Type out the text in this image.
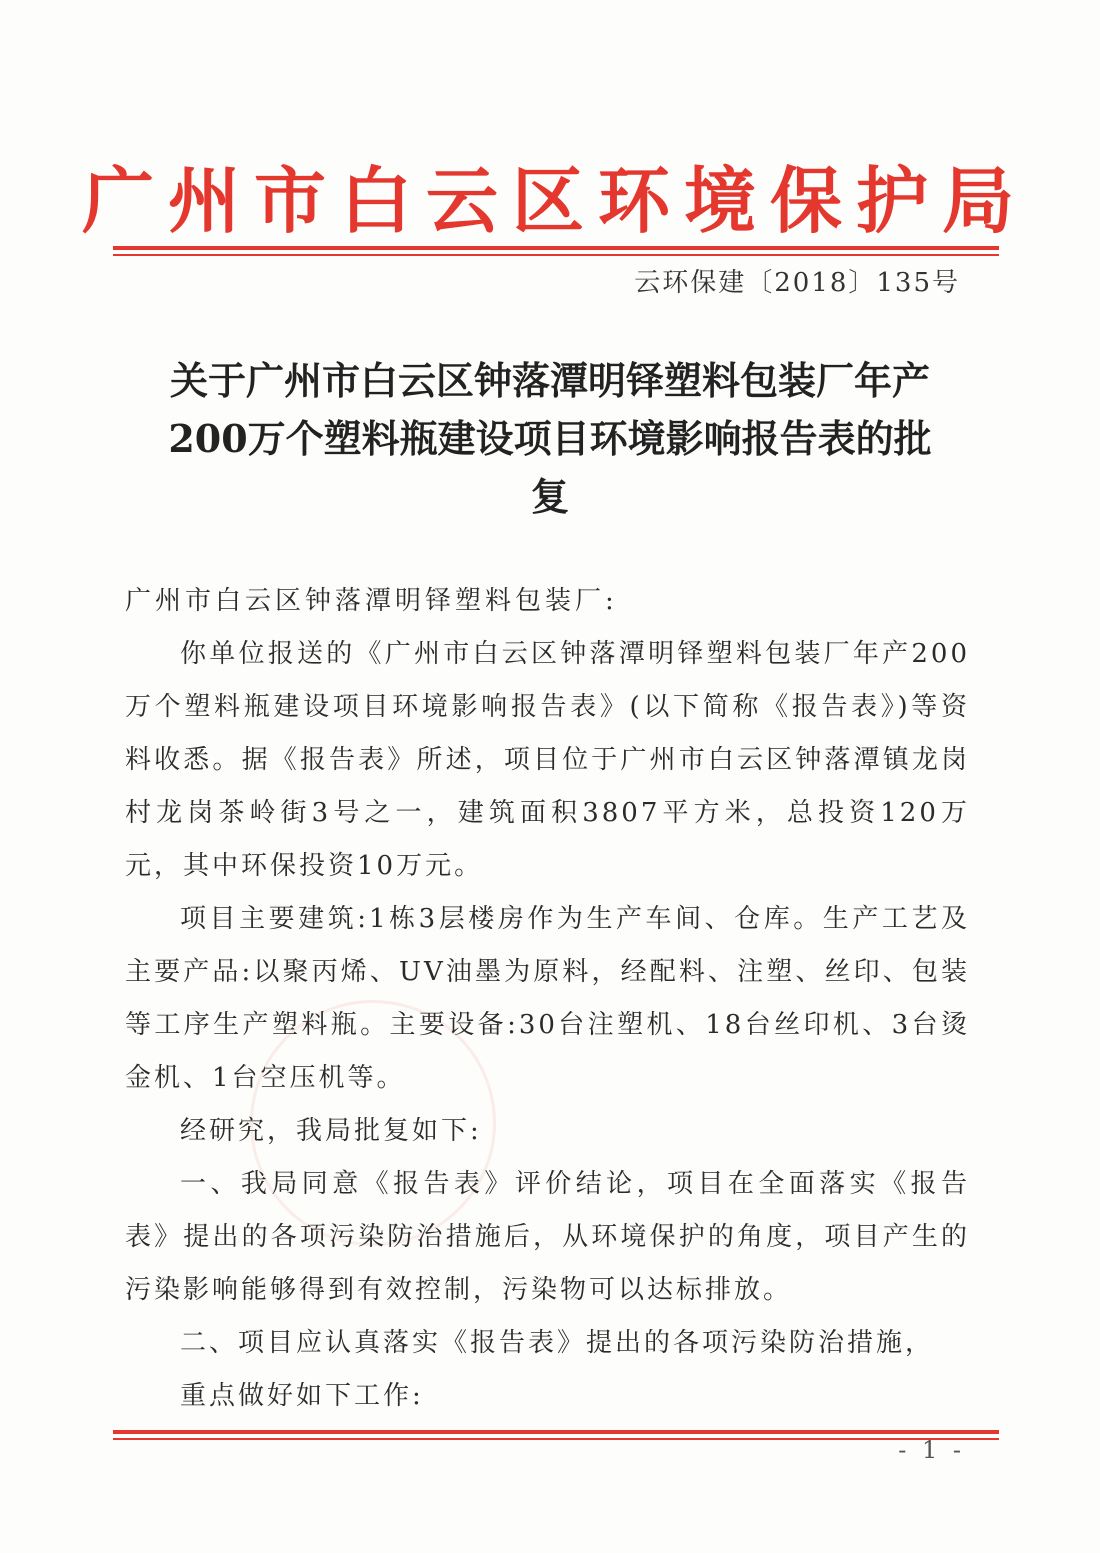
广州市白云区环境保护局
云环保建〔2018〕135号
关于广州市白云区钟落潭明铎塑料包装厂年产
200万个塑料瓶建设项目环境影响报告表的批
复

广州市白云区钟落潭明铎塑料包装厂:

你单位报送的《广州市白云区钟落潭明铎塑料包装厂年产200万个塑料瓶建设项目环境影响报告表》(以下简称《报告表》)等资料收悉。据《报告表》所述，项目位于广州市白云区钟落潭镇龙岗村龙岗茶岭街3号之一，建筑面积3807平方米，总投资120万元，其中环保投资10万元。

项目主要建筑:1栋3层楼房作为生产车间、仓库。生产工艺及主要产品:以聚丙烯、UV油墨为原料，经配料、注塑、丝印、包装等工序生产塑料瓶。主要设备:30台注塑机、18台丝印机、3台烫金机、1台空压机等。

经研究，我局批复如下:

一、我局同意《报告表》评价结论，项目在全面落实《报告表》提出的各项污染防治措施后，从环境保护的角度，项目产生的污染影响能够得到有效控制，污染物可以达标排放。

二、项目应认真落实《报告表》提出的各项污染防治措施，

重点做好如下工作:

- 1 -
